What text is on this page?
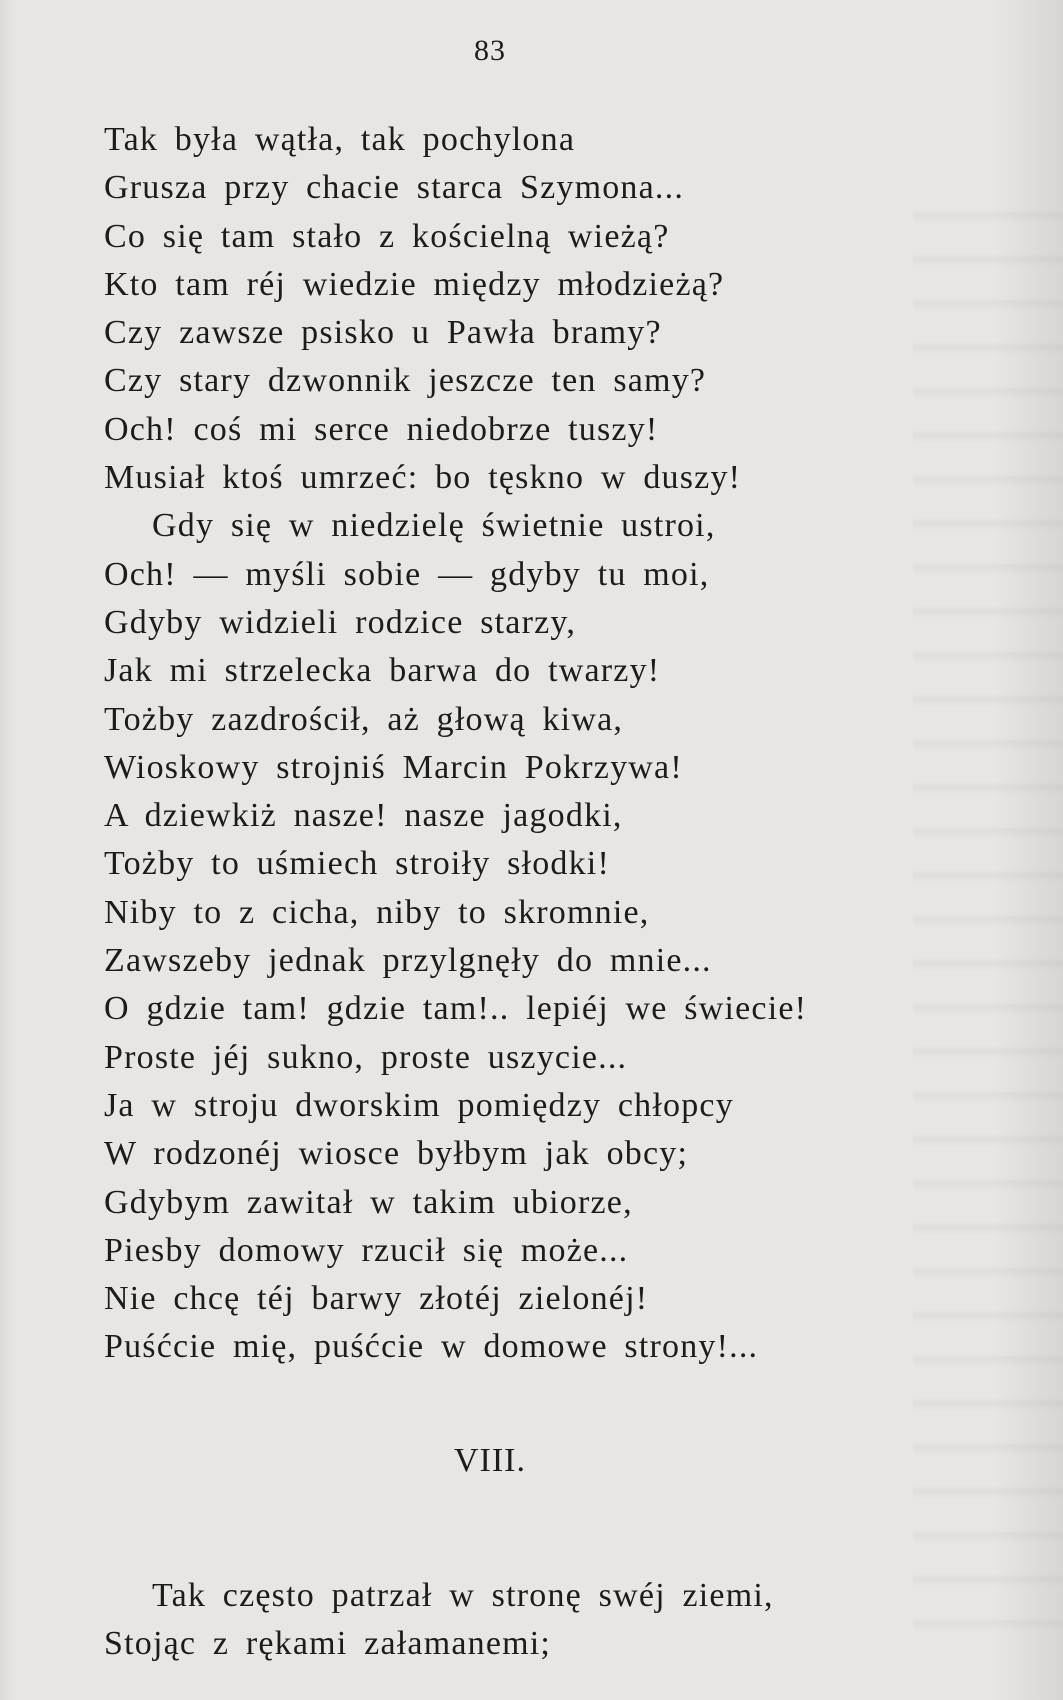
83
Tak była wątła, tak pochylona
Grusza przy chacie starca Szymona...
Co się tam stało z kościelną wieżą?
Kto tam réj wiedzie między młodzieżą?
Czy zawsze psisko u Pawła bramy?
Czy stary dzwonnik jeszcze ten samy?
Och! coś mi serce niedobrze tuszy!
Musiał ktoś umrzeć: bo tęskno w duszy!
Gdy się w niedzielę świetnie ustroi,
Och! — myśli sobie — gdyby tu moi,
Gdyby widzieli rodzice starzy,
Jak mi strzelecka barwa do twarzy!
Tożby zazdrościł, aż głową kiwa,
Wioskowy strojniś Marcin Pokrzywa!
A dziewkiż nasze! nasze jagodki,
Tożby to uśmiech stroiły słodki!
Niby to z cicha, niby to skromnie,
Zawszeby jednak przylgnęły do mnie...
O gdzie tam! gdzie tam!.. lepiéj we świecie!
Proste jéj sukno, proste uszycie...
Ja w stroju dworskim pomiędzy chłopcy
W rodzonéj wiosce byłbym jak obcy;
Gdybym zawitał w takim ubiorze,
Piesby domowy rzucił się może...
Nie chcę téj barwy złotéj zielonéj!
Puśćcie mię, puśćcie w domowe strony!...
VIII.
Tak często patrzał w stronę swéj ziemi,
Stojąc z rękami załamanemi;
